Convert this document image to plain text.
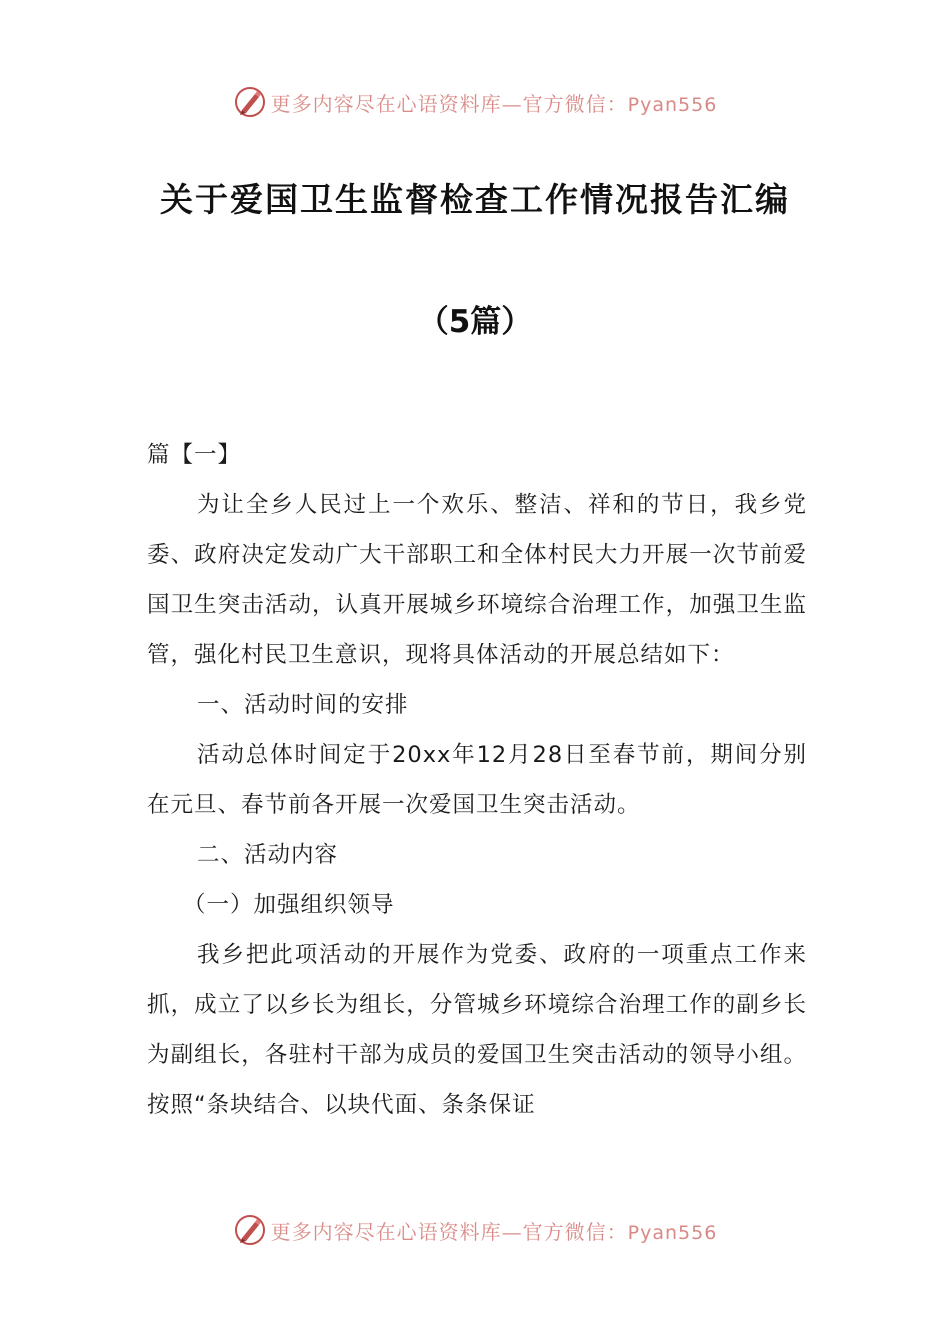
更多内容尽在心语资料库—官方微信：Pyan556
关于爱国卫生监督检查工作情况报告汇编
（5篇）

篇【一】

为让全乡人民过上一个欢乐、整洁、祥和的节日，我乡党委、政府决定发动广大干部职工和全体村民大力开展一次节前爱国卫生突击活动，认真开展城乡环境综合治理工作，加强卫生监管，强化村民卫生意识，现将具体活动的开展总结如下：

一、活动时间的安排

活动总体时间定于20xx年12月28日至春节前，期间分别在元旦、春节前各开展一次爱国卫生突击活动。

二、活动内容

（一）加强组织领导

我乡把此项活动的开展作为党委、政府的一项重点工作来抓，成立了以乡长为组长，分管城乡环境综合治理工作的副乡长为副组长，各驻村干部为成员的爱国卫生突击活动的领导小组。按照“条块结合、以块代面、条条保证

更多内容尽在心语资料库—官方微信：Pyan556
